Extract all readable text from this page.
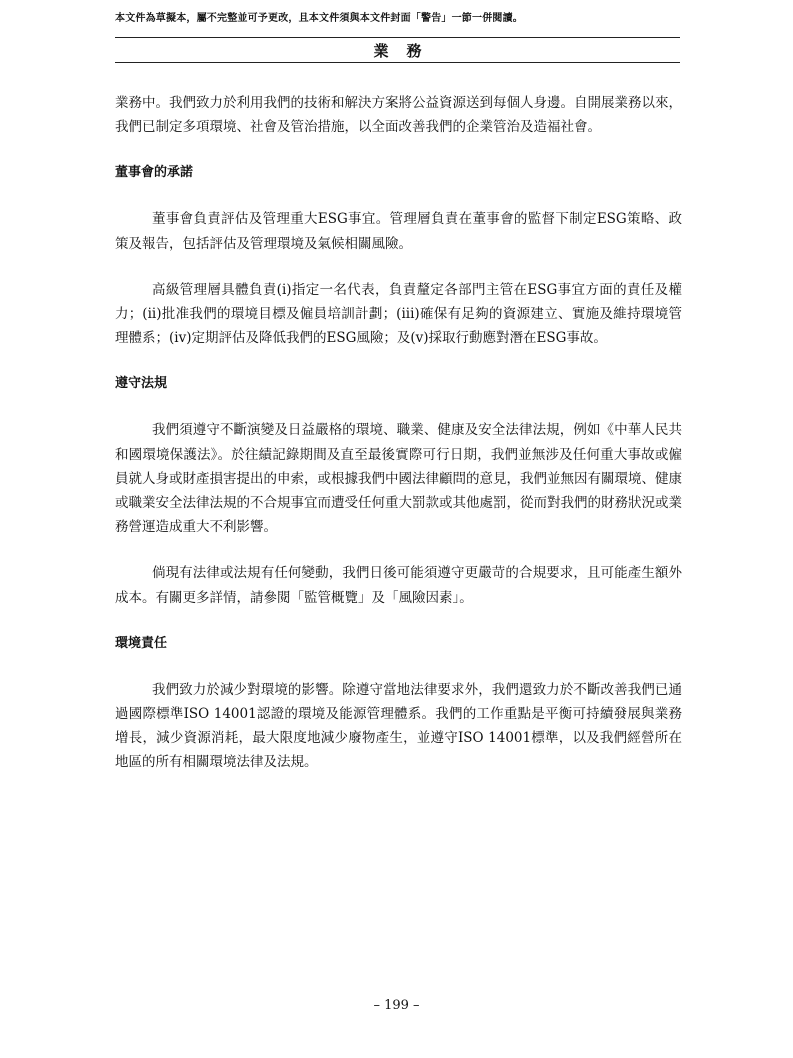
本文件為草擬本，屬不完整並可予更改，且本文件須與本文件封面「警告」一節一併閱讀。
業務

業務中。我們致力於利用我們的技術和解決方案將公益資源送到每個人身邊。自開展業務以來，我們已制定多項環境、社會及管治措施，以全面改善我們的企業管治及造福社會。

董事會的承諾

董事會負責評估及管理重大ESG事宜。管理層負責在董事會的監督下制定ESG策略、政策及報告，包括評估及管理環境及氣候相關風險。

高級管理層具體負責(i)指定一名代表，負責釐定各部門主管在ESG事宜方面的責任及權力；(ii)批准我們的環境目標及僱員培訓計劃；(iii)確保有足夠的資源建立、實施及維持環境管理體系；(iv)定期評估及降低我們的ESG風險；及(v)採取行動應對潛在ESG事故。

遵守法規

我們須遵守不斷演變及日益嚴格的環境、職業、健康及安全法律法規，例如《中華人民共和國環境保護法》。於往績記錄期間及直至最後實際可行日期，我們並無涉及任何重大事故或僱員就人身或財產損害提出的申索，或根據我們中國法律顧問的意見，我們並無因有關環境、健康或職業安全法律法規的不合規事宜而遭受任何重大罰款或其他處罰，從而對我們的財務狀況或業務營運造成重大不利影響。

倘現有法律或法規有任何變動，我們日後可能須遵守更嚴苛的合規要求，且可能產生額外成本。有關更多詳情，請參閱「監管概覽」及「風險因素」。

環境責任

我們致力於減少對環境的影響。除遵守當地法律要求外，我們還致力於不斷改善我們已通過國際標準ISO 14001認證的環境及能源管理體系。我們的工作重點是平衡可持續發展與業務增長，減少資源消耗，最大限度地減少廢物產生，並遵守ISO 14001標準，以及我們經營所在地區的所有相關環境法律及法規。

– 199 –
